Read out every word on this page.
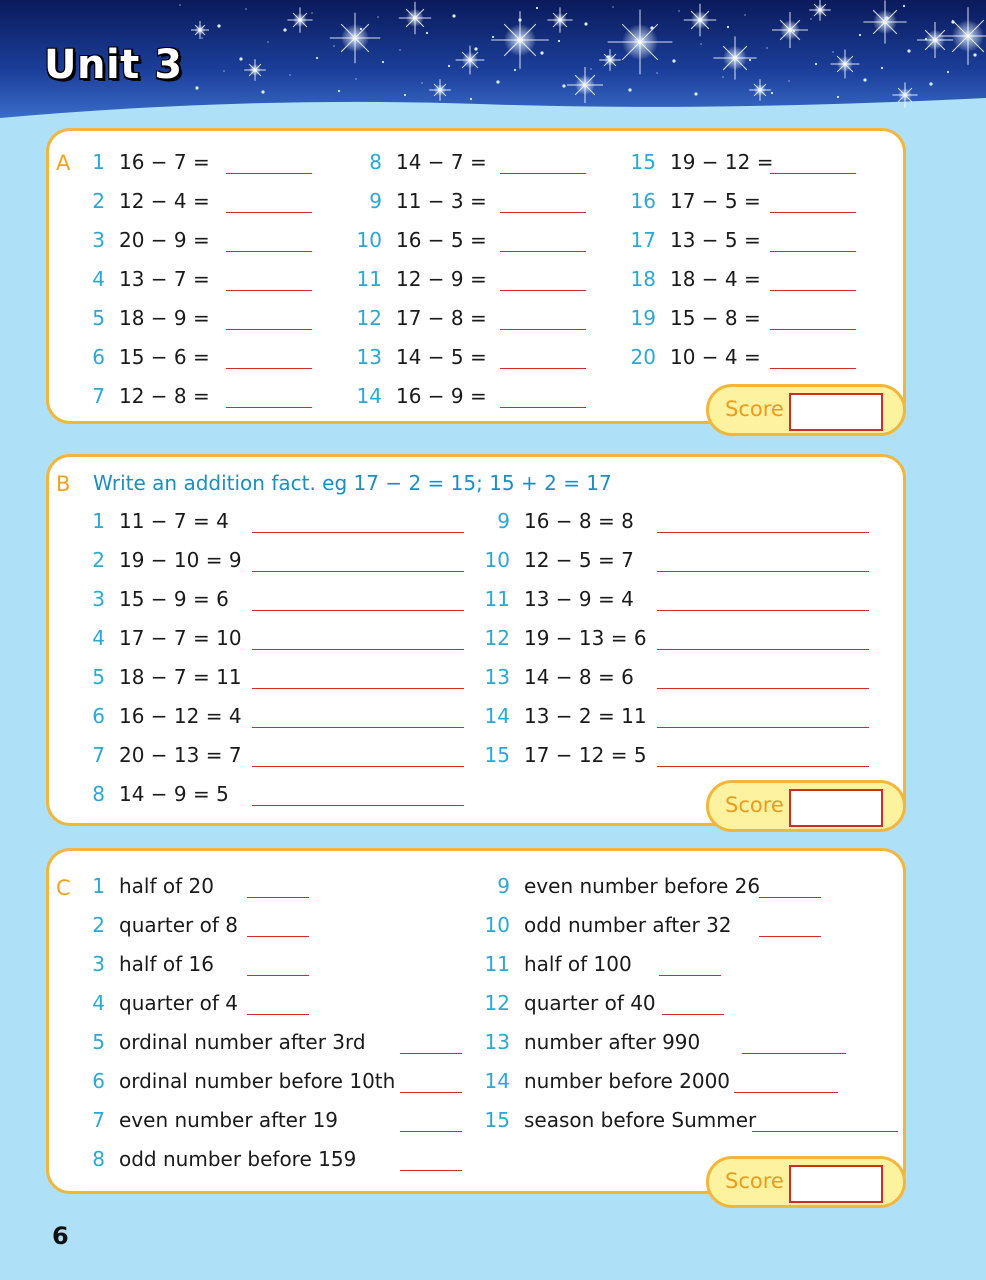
Unit 3
A
Score
B Write an addition fact. eg 17 − 2 = 15; 15 + 2 = 17
Score
C
Score
1 16 − 7 =
2 12 − 4 =
3 20 − 9 =
4 13 − 7 =
5 18 − 9 =
6 15 − 6 =
7 12 − 8 =
8 14 − 7 =
9 11 − 3 =
10 16 − 5 =
11 12 − 9 =
12 17 − 8 =
13 14 − 5 =
14 16 − 9 =
15 19 − 12 =
16 17 − 5 =
17 13 − 5 =
18 18 − 4 =
19 15 − 8 =
20 10 − 4 =
1 11 − 7 = 4
2 19 − 10 = 9
3 15 − 9 = 6
4 17 − 7 = 10
5 18 − 7 = 11
6 16 − 12 = 4
7 20 − 13 = 7
8 14 − 9 = 5
9 16 − 8 = 8
10 12 − 5 = 7
11 13 − 9 = 4
12 19 − 13 = 6
13 14 − 8 = 6
14 13 − 2 = 11
15 17 − 12 = 5
1 half of 20
2 quarter of 8
3 half of 16
4 quarter of 4
5 ordinal number after 3rd
6 ordinal number before 10th
7 even number after 19
8 odd number before 159
9 even number before 26
10 odd number after 32
11 half of 100
12 quarter of 40
13 number after 990
14 number before 2000
15 season before Summer
6
